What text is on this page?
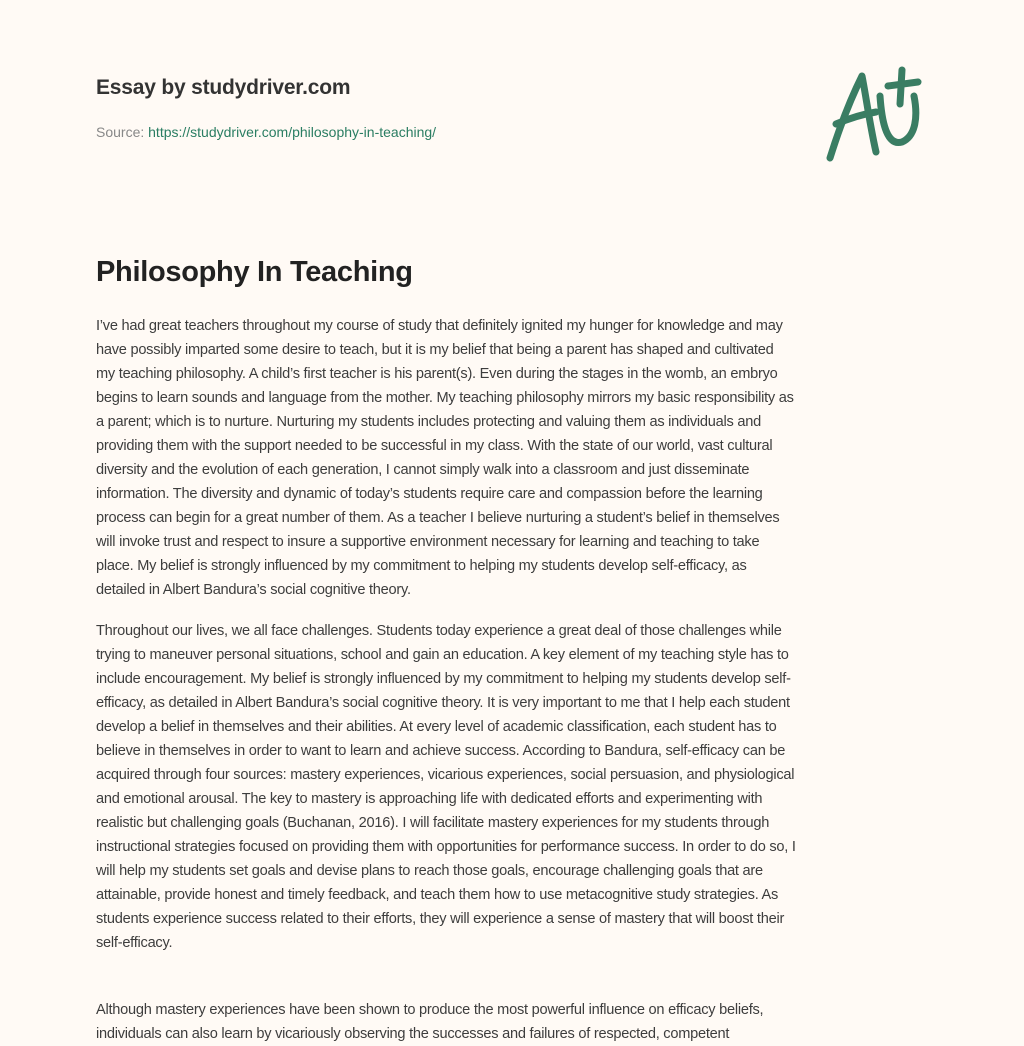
Essay by studydriver.com
Source: https://studydriver.com/philosophy-in-teaching/
Philosophy In Teaching
I’ve had great teachers throughout my course of study that definitely ignited my hunger for knowledge and may
have possibly imparted some desire to teach, but it is my belief that being a parent has shaped and cultivated
my teaching philosophy. A child’s first teacher is his parent(s). Even during the stages in the womb, an embryo
begins to learn sounds and language from the mother. My teaching philosophy mirrors my basic responsibility as
a parent; which is to nurture. Nurturing my students includes protecting and valuing them as individuals and
providing them with the support needed to be successful in my class. With the state of our world, vast cultural
diversity and the evolution of each generation, I cannot simply walk into a classroom and just disseminate
information. The diversity and dynamic of today’s students require care and compassion before the learning
process can begin for a great number of them. As a teacher I believe nurturing a student’s belief in themselves
will invoke trust and respect to insure a supportive environment necessary for learning and teaching to take
place. My belief is strongly influenced by my commitment to helping my students develop self-efficacy, as
detailed in Albert Bandura’s social cognitive theory.
Throughout our lives, we all face challenges. Students today experience a great deal of those challenges while
trying to maneuver personal situations, school and gain an education. A key element of my teaching style has to
include encouragement. My belief is strongly influenced by my commitment to helping my students develop self-
efficacy, as detailed in Albert Bandura’s social cognitive theory. It is very important to me that I help each student
develop a belief in themselves and their abilities. At every level of academic classification, each student has to
believe in themselves in order to want to learn and achieve success. According to Bandura, self-efficacy can be
acquired through four sources: mastery experiences, vicarious experiences, social persuasion, and physiological
and emotional arousal. The key to mastery is approaching life with dedicated efforts and experimenting with
realistic but challenging goals (Buchanan, 2016). I will facilitate mastery experiences for my students through
instructional strategies focused on providing them with opportunities for performance success. In order to do so, I
will help my students set goals and devise plans to reach those goals, encourage challenging goals that are
attainable, provide honest and timely feedback, and teach them how to use metacognitive study strategies. As
students experience success related to their efforts, they will experience a sense of mastery that will boost their
self-efficacy.
Although mastery experiences have been shown to produce the most powerful influence on efficacy beliefs,
individuals can also learn by vicariously observing the successes and failures of respected, competent
